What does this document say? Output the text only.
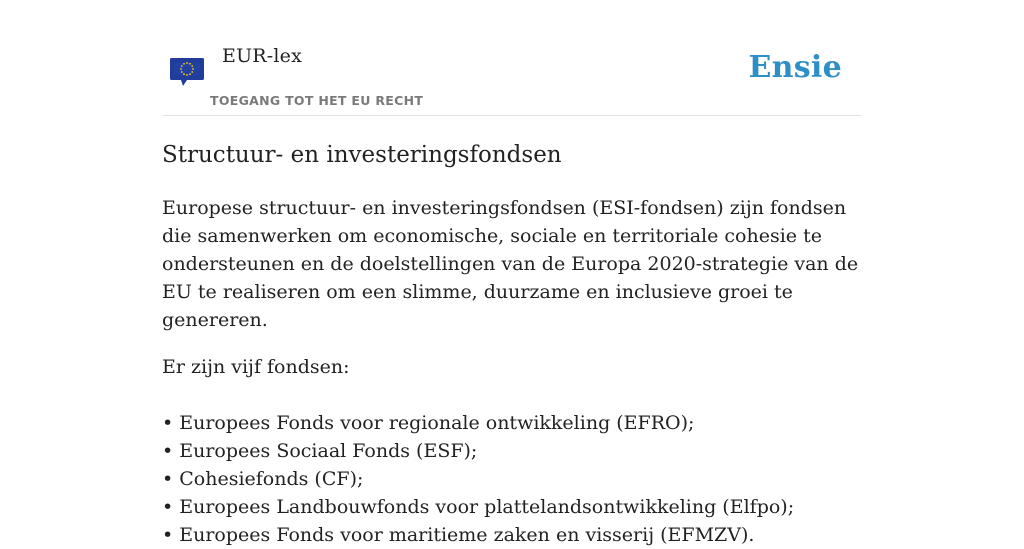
EUR-lex
TOEGANG TOT HET EU RECHT
Ensie
Structuur- en investeringsfondsen

Europese structuur- en investeringsfondsen (ESI-fondsen) zijn fondsen die samenwerken om economische, sociale en territoriale cohesie te ondersteunen en de doelstellingen van de Europa 2020-strategie van de EU te realiseren om een slimme, duurzame en inclusieve groei te genereren.

Er zijn vijf fondsen:

• Europees Fonds voor regionale ontwikkeling (EFRO);
• Europees Sociaal Fonds (ESF);
• Cohesiefonds (CF);
• Europees Landbouwfonds voor plattelandsontwikkeling (Elfpo);
• Europees Fonds voor maritieme zaken en visserij (EFMZV).
